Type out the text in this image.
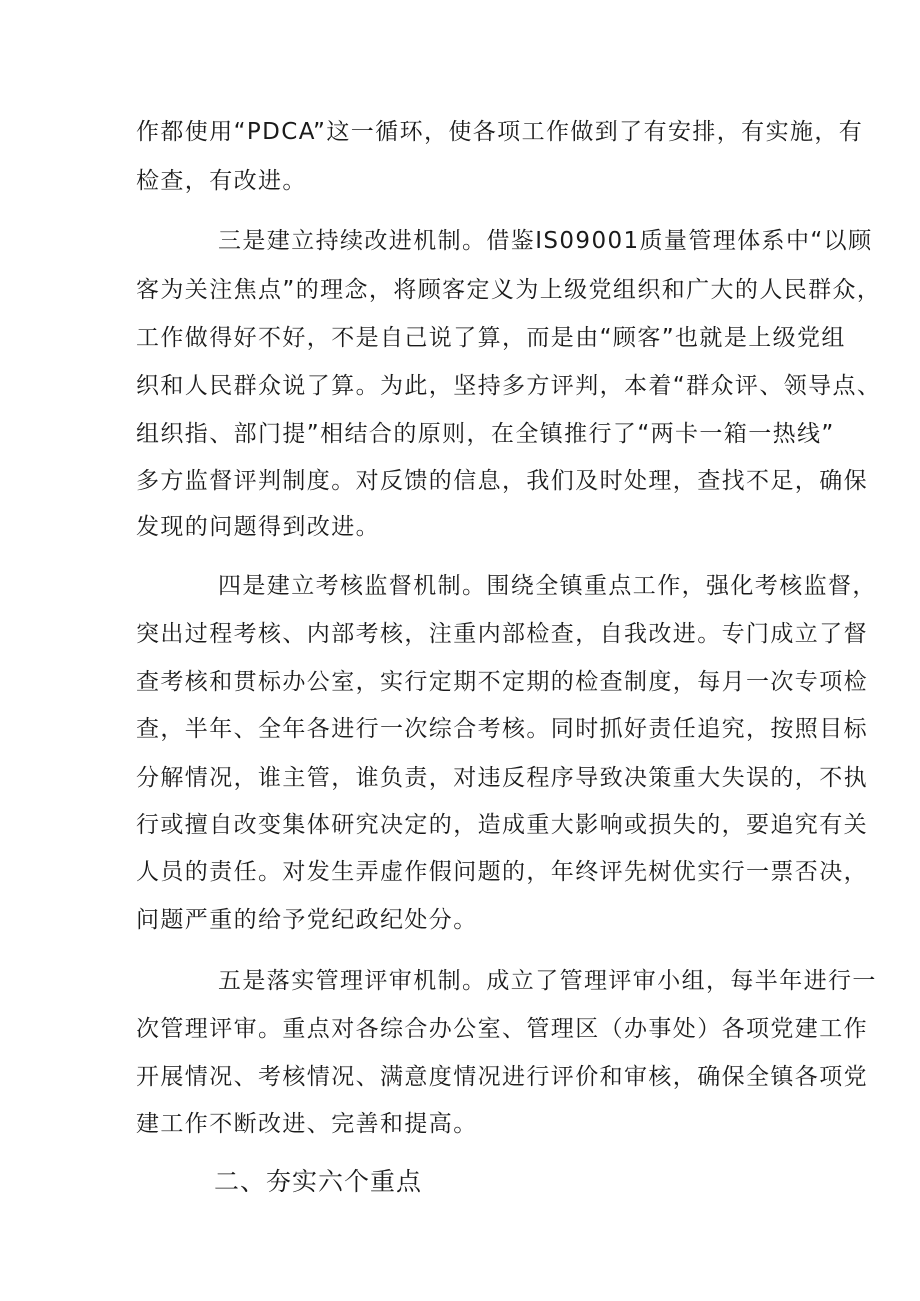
作都使用“PDCA”这一循环，使各项工作做到了有安排，有实施，有
检查，有改进。
三是建立持续改进机制。借鉴IS09001质量管理体系中“以顾
客为关注焦点”的理念，将顾客定义为上级党组织和广大的人民群众，
工作做得好不好，不是自己说了算，而是由“顾客”也就是上级党组
织和人民群众说了算。为此，坚持多方评判，本着“群众评、领导点、
组织指、部门提”相结合的原则，在全镇推行了“两卡一箱一热线”
多方监督评判制度。对反馈的信息，我们及时处理，查找不足，确保
发现的问题得到改进。
四是建立考核监督机制。围绕全镇重点工作，强化考核监督，
突出过程考核、内部考核，注重内部检查，自我改进。专门成立了督
查考核和贯标办公室，实行定期不定期的检查制度，每月一次专项检
查，半年、全年各进行一次综合考核。同时抓好责任追究，按照目标
分解情况，谁主管，谁负责，对违反程序导致决策重大失误的，不执
行或擅自改变集体研究决定的，造成重大影响或损失的，要追究有关
人员的责任。对发生弄虚作假问题的，年终评先树优实行一票否决，
问题严重的给予党纪政纪处分。
五是落实管理评审机制。成立了管理评审小组，每半年进行一
次管理评审。重点对各综合办公室、管理区（办事处）各项党建工作
开展情况、考核情况、满意度情况进行评价和审核，确保全镇各项党
建工作不断改进、完善和提高。
二、夯实六个重点
